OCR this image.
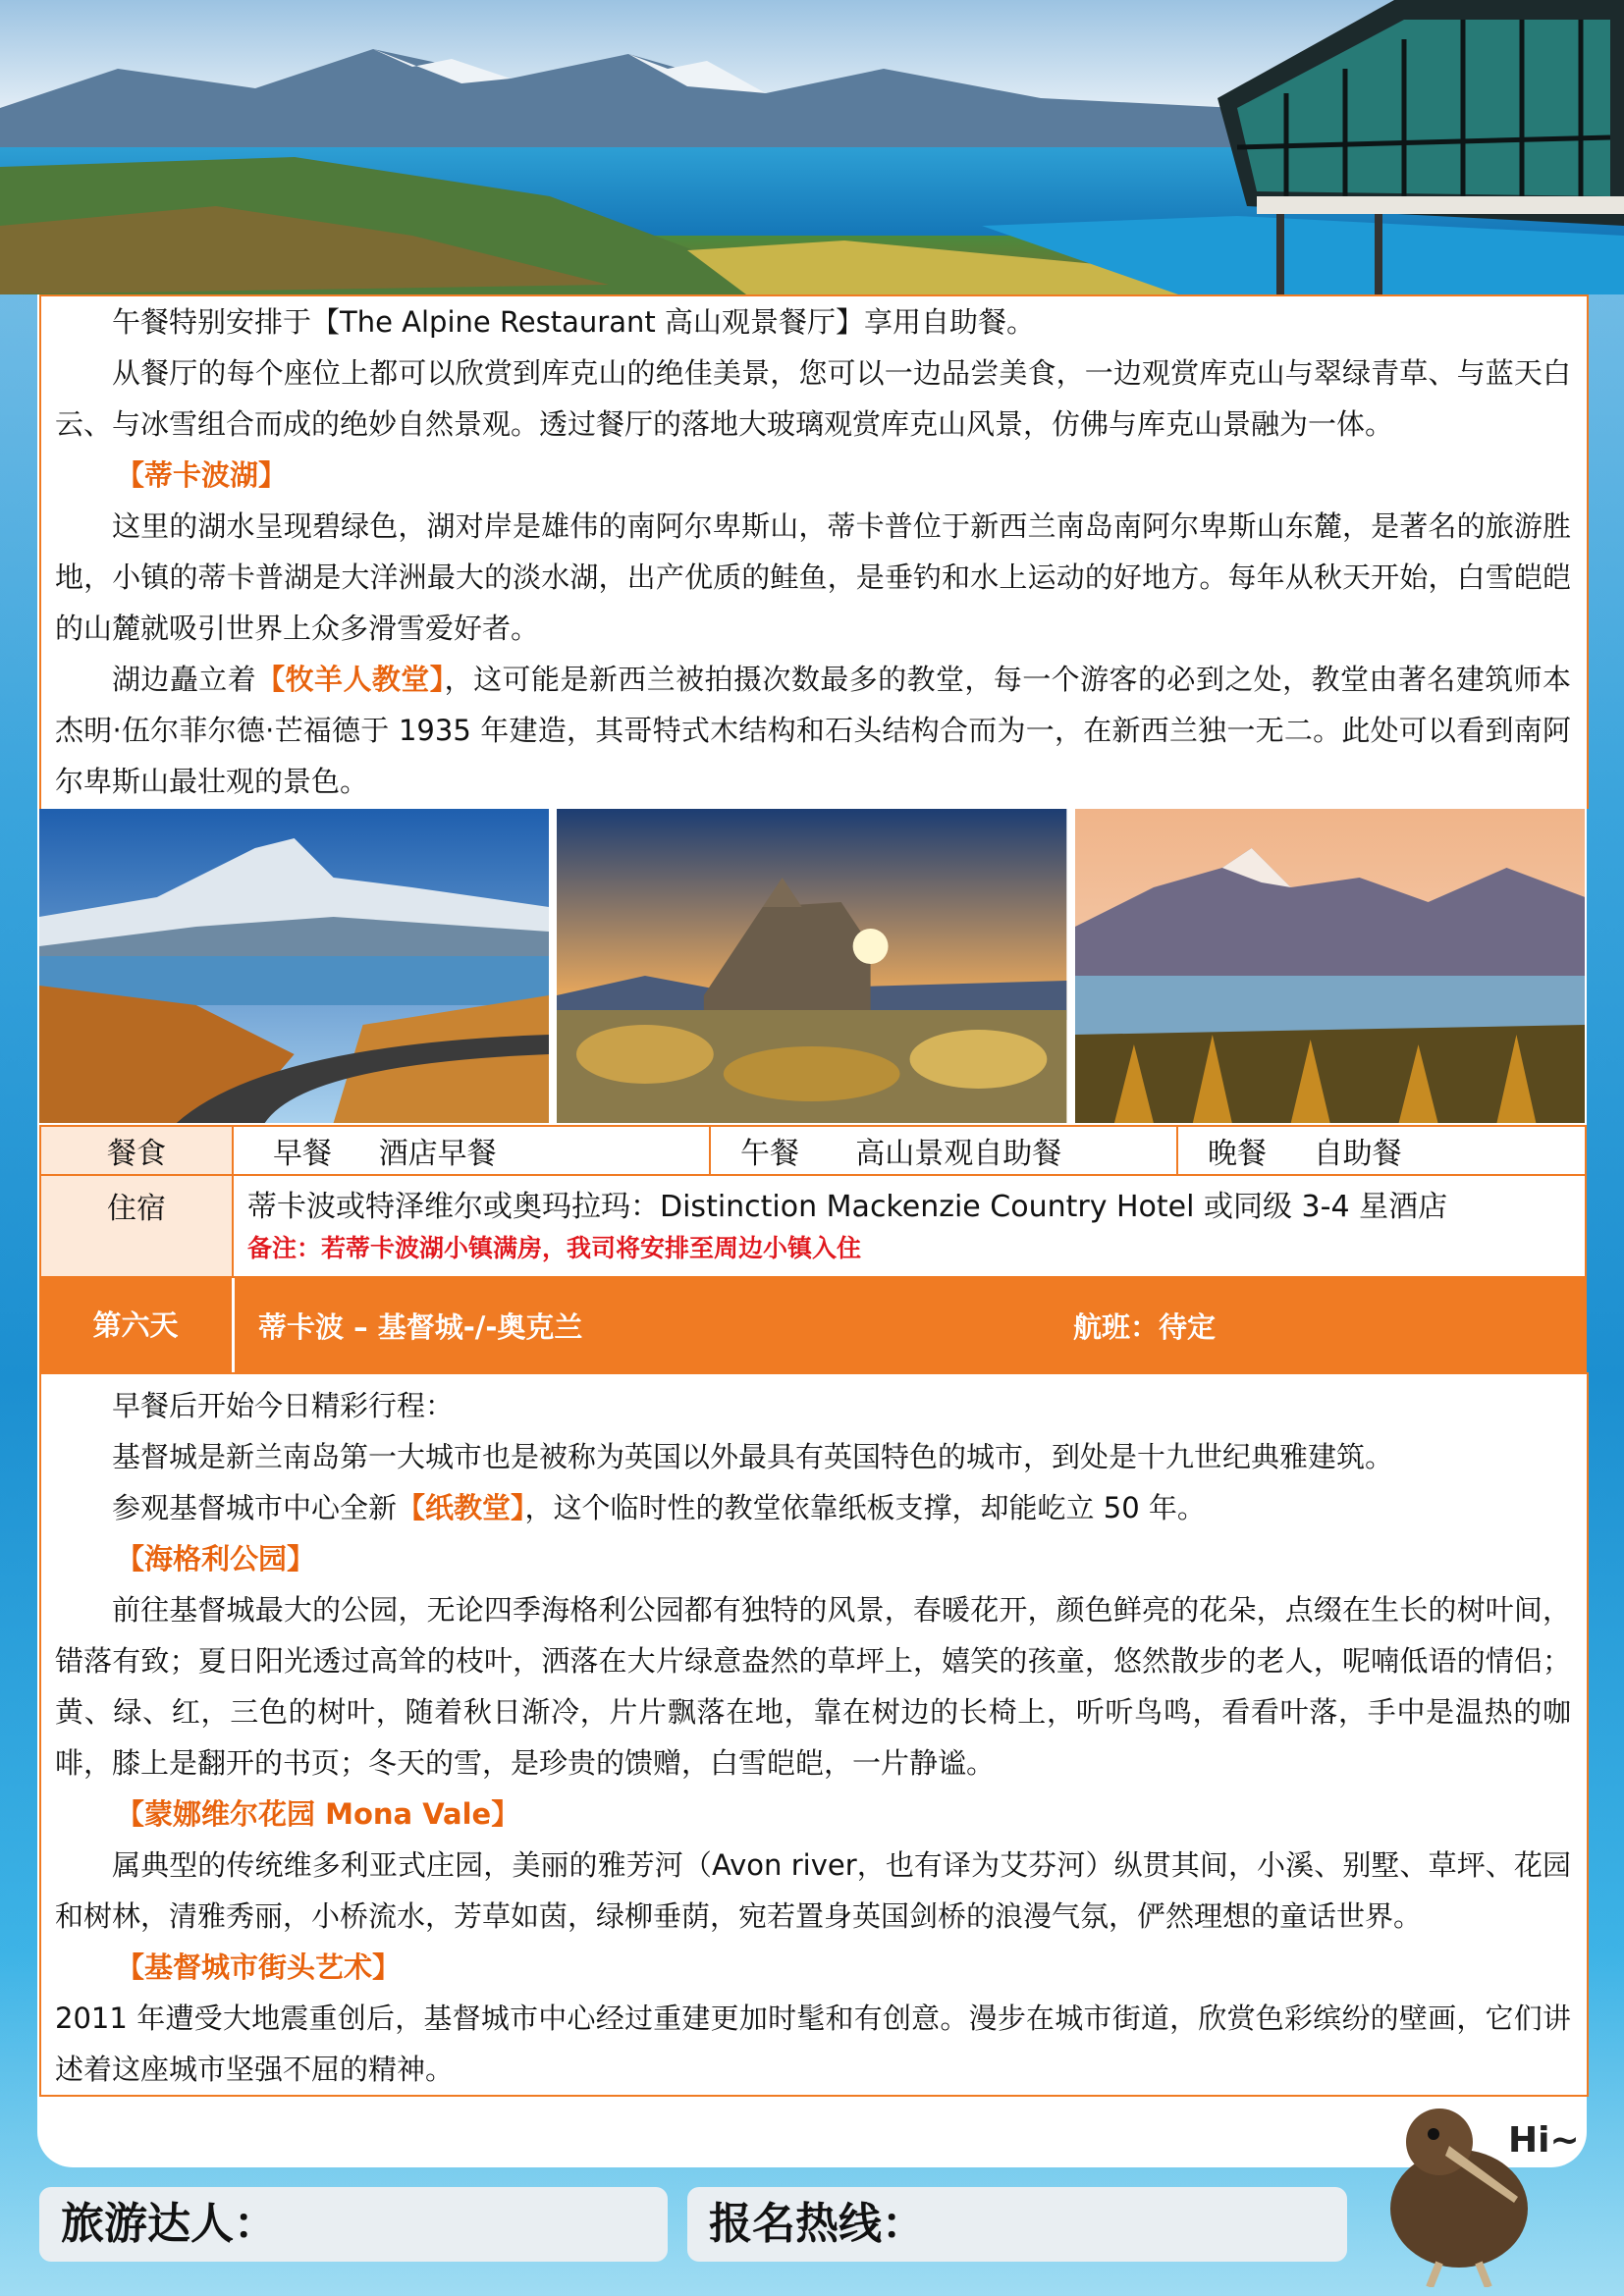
午餐特别安排于【The Alpine Restaurant 高山观景餐厅】享用自助餐。

从餐厅的每个座位上都可以欣赏到库克山的绝佳美景，您可以一边品尝美食，一边观赏库克山与翠绿青草、与蓝天白云、与冰雪组合而成的绝妙自然景观。透过餐厅的落地大玻璃观赏库克山风景，仿佛与库克山景融为一体。

【蒂卡波湖】

这里的湖水呈现碧绿色，湖对岸是雄伟的南阿尔卑斯山，蒂卡普位于新西兰南岛南阿尔卑斯山东麓，是著名的旅游胜地，小镇的蒂卡普湖是大洋洲最大的淡水湖，出产优质的鲑鱼，是垂钓和水上运动的好地方。每年从秋天开始，白雪皑皑的山麓就吸引世界上众多滑雪爱好者。

湖边矗立着【牧羊人教堂】，这可能是新西兰被拍摄次数最多的教堂，每一个游客的必到之处，教堂由著名建筑师本杰明·伍尔菲尔德·芒福德于 1935 年建造，其哥特式木结构和石头结构合而为一，在新西兰独一无二。此处可以看到南阿尔卑斯山最壮观的景色。

餐食	早餐 酒店早餐	午餐 高山景观自助餐	晚餐 自助餐
住宿	蒂卡波或特泽维尔或奥玛拉玛：Distinction Mackenzie Country Hotel 或同级 3-4 星酒店
备注：若蒂卡波湖小镇满房，我司将安排至周边小镇入住		
第六天	蒂卡波 – 基督城-/-奥克兰	航班：待定

早餐后开始今日精彩行程：

基督城是新兰南岛第一大城市也是被称为英国以外最具有英国特色的城市，到处是十九世纪典雅建筑。

参观基督城市中心全新【纸教堂】，这个临时性的教堂依靠纸板支撑，却能屹立 50 年。

【海格利公园】

前往基督城最大的公园，无论四季海格利公园都有独特的风景，春暖花开，颜色鲜亮的花朵，点缀在生长的树叶间，错落有致；夏日阳光透过高耸的枝叶，洒落在大片绿意盎然的草坪上，嬉笑的孩童，悠然散步的老人，呢喃低语的情侣；黄、绿、红，三色的树叶，随着秋日渐冷，片片飘落在地，靠在树边的长椅上，听听鸟鸣，看看叶落，手中是温热的咖啡，膝上是翻开的书页；冬天的雪，是珍贵的馈赠，白雪皑皑，一片静谧。

【蒙娜维尔花园 Mona Vale】

属典型的传统维多利亚式庄园，美丽的雅芳河（Avon river，也有译为艾芬河）纵贯其间，小溪、别墅、草坪、花园和树林，清雅秀丽，小桥流水，芳草如茵，绿柳垂荫，宛若置身英国剑桥的浪漫气氛，俨然理想的童话世界。

【基督城市街头艺术】

2011 年遭受大地震重创后，基督城市中心经过重建更加时髦和有创意。漫步在城市街道，欣赏色彩缤纷的壁画，它们讲述着这座城市坚强不屈的精神。

旅游达人：	报名热线：
Hi~
